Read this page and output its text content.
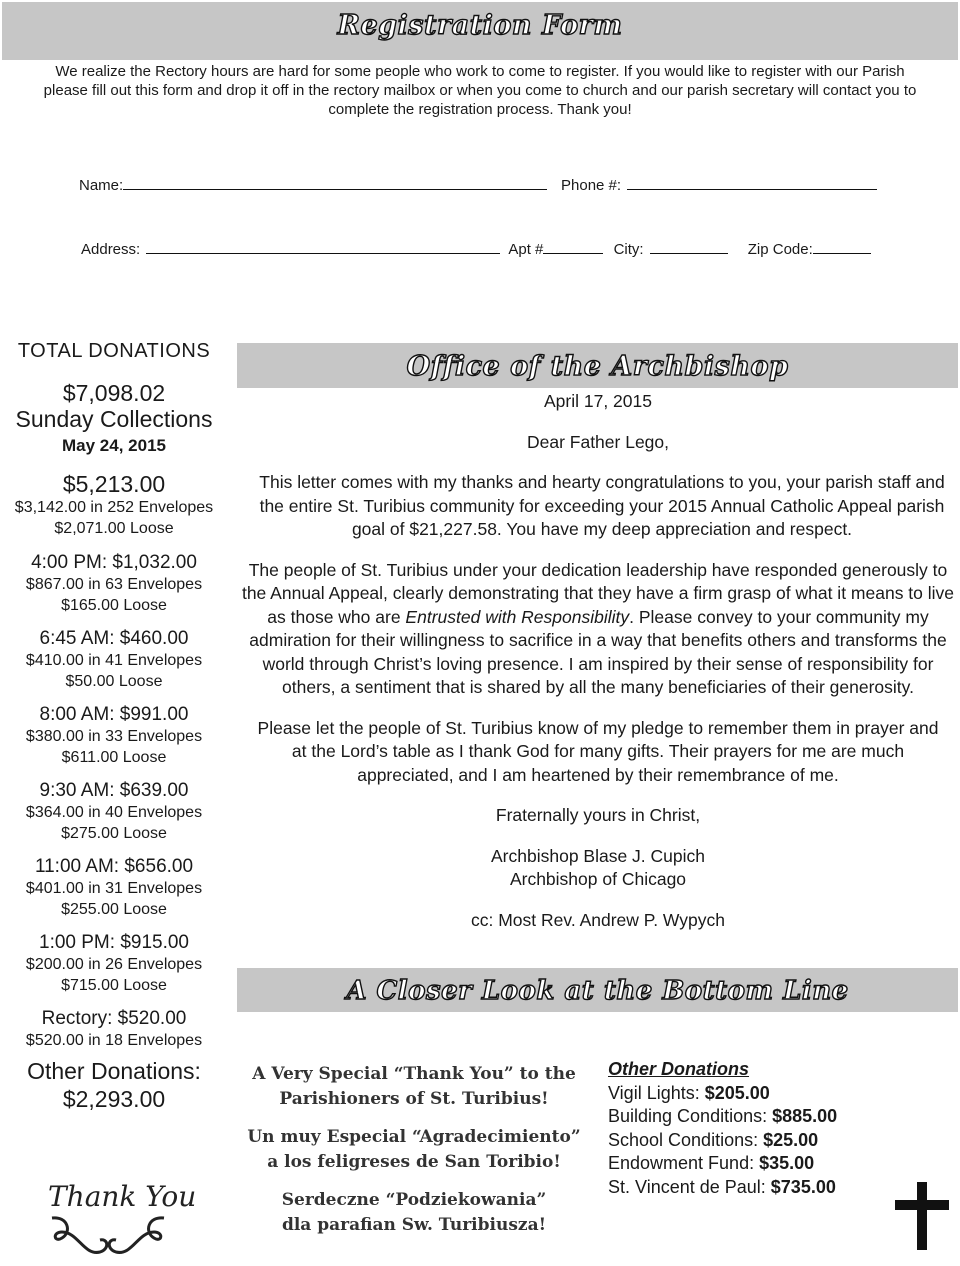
Registration Form
We realize the Rectory hours are hard for some people who work to come to register. If you would like to register with our Parish
please fill out this form and drop it off in the rectory mailbox or when you come to church and our parish secretary will contact you to
complete the registration process. Thank you!
Name:	Phone #:
Address:	Apt #	City:	Zip Code:
TOTAL DONATIONS
$7,098.02
Sunday Collections
May 24, 2015
$5,213.00
$3,142.00 in 252 Envelopes
$2,071.00 Loose
4:00 PM: $1,032.00
$867.00 in 63 Envelopes
$165.00 Loose
6:45 AM: $460.00
$410.00 in 41 Envelopes
$50.00 Loose
8:00 AM: $991.00
$380.00 in 33 Envelopes
$611.00 Loose
9:30 AM: $639.00
$364.00 in 40 Envelopes
$275.00 Loose
11:00 AM: $656.00
$401.00 in 31 Envelopes
$255.00 Loose
1:00 PM: $915.00
$200.00 in 26 Envelopes
$715.00 Loose
Rectory: $520.00
$520.00 in 18 Envelopes
Other Donations:
$2,293.00
Thank You
Office of the Archbishop
April 17, 2015
Dear Father Lego,
This letter comes with my thanks and hearty congratulations to you, your parish staff and the entire St. Turibius community for exceeding your 2015 Annual Catholic Appeal parish goal of $21,227.58. You have my deep appreciation and respect.
The people of St. Turibius under your dedication leadership have responded generously to the Annual Appeal, clearly demonstrating that they have a firm grasp of what it means to live as those who are Entrusted with Responsibility. Please convey to your community my admiration for their willingness to sacrifice in a way that benefits others and transforms the world through Christ’s loving presence. I am inspired by their sense of responsibility for others, a sentiment that is shared by all the many beneficiaries of their generosity.
Please let the people of St. Turibius know of my pledge to remember them in prayer and at the Lord’s table as I thank God for many gifts. Their prayers for me are much appreciated, and I am heartened by their remembrance of me.
Fraternally yours in Christ,
Archbishop Blase J. Cupich
Archbishop of Chicago
cc: Most Rev. Andrew P. Wypych
A Closer Look at the Bottom Line
A Very Special “Thank You” to the Parishioners of St. Turibius!
Un muy Especial “Agradecimiento” a los feligreses de San Toribio!
Serdeczne “Podziekowania” dla parafian Sw. Turibiusza!
Other Donations
Vigil Lights: $205.00
Building Conditions: $885.00
School Conditions: $25.00
Endowment Fund: $35.00
St. Vincent de Paul: $735.00
